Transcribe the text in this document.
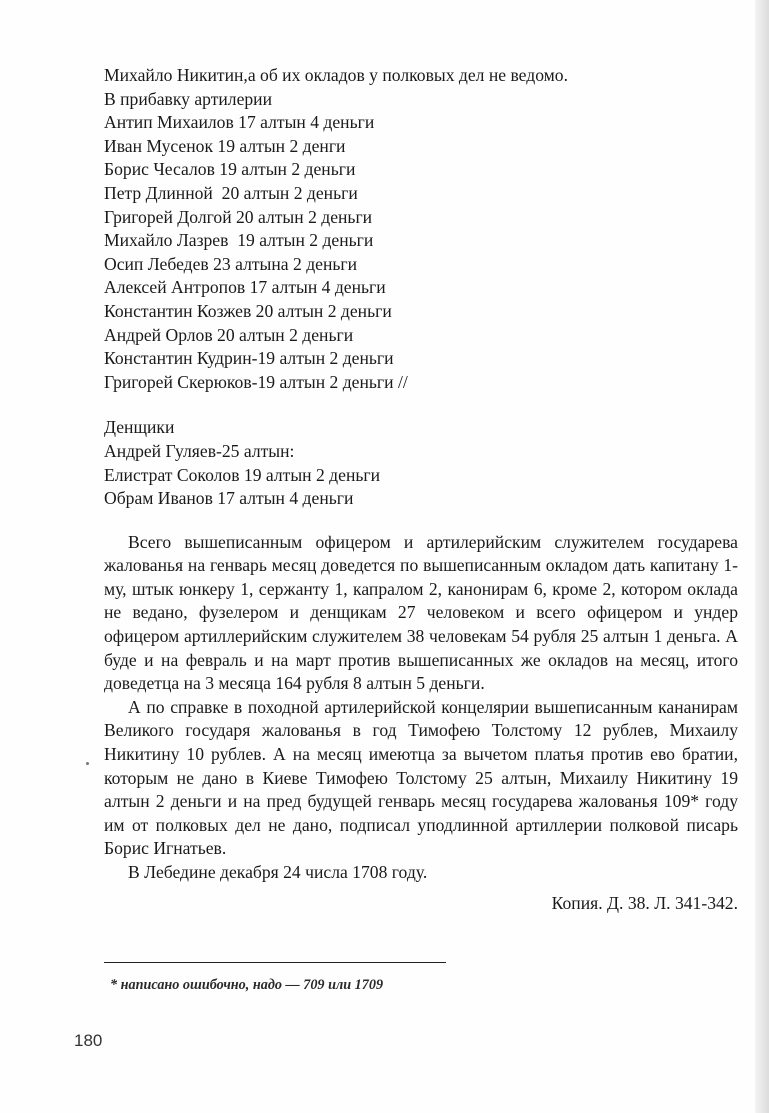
Михайло Никитин,а об их окладов у полковых дел не ведомо.

В прибавку артилерии

Антип Михаилов 17 алтын 4 деньги

Иван Мусенок 19 алтын 2 денги

Борис Чесалов 19 алтын 2 деньги

Петр Длинной  20 алтын 2 деньги

Григорей Долгой 20 алтын 2 деньги

Михайло Лазрев  19 алтын 2 деньги

Осип Лебедев 23 алтына 2 деньги

Алексей Антропов 17 алтын 4 деньги

Константин Козжев 20 алтын 2 деньги

Андрей Орлов 20 алтын 2 деньги

Константин Кудрин-19 алтын 2 деньги

Григорей Скерюков-19 алтын 2 деньги //

Денщики

Андрей Гуляев-25 алтын:

Елистрат Соколов 19 алтын 2 деньги

Обрам Иванов 17 алтын 4 деньги

Всего вышеписанным офицером и артилерийским служителем государева жалованья на генварь месяц доведется по вышеписанным окладом дать капитану 1-му, штык юнкеру 1, сержанту 1, капралом 2, канонирам 6, кроме 2, котором оклада не ведано, фузелером и денщикам 27 человеком и всего офицером и ундер офицером артиллерийским служителем 38 человекам 54 рубля 25 алтын 1 деньга. А буде и на февраль и на март против вышеписанных же окладов на месяц, итого доведетца на 3 месяца 164 рубля 8 алтын 5 деньги.

А по справке в походной артилерийской концелярии вышеписанным кананирам Великого государя жалованья в год Тимофею Толстому 12 рублев, Михаилу Никитину 10 рублев. А на месяц имеютца за вычетом платья против ево братии, которым не дано в Киеве Тимофею Толстому 25 алтын, Михаилу Никитину 19 алтын 2 деньги и на пред будущей генварь месяц государева жалованья 109* году им от полковых дел не дано, подписал уподлинной артиллерии полковой писарь Борис Игнатьев.

В Лебедине декабря 24 числа 1708 году.

Копия. Д. 38. Л. 341-342.
* написано ошибочно, надо — 709 или 1709
180
